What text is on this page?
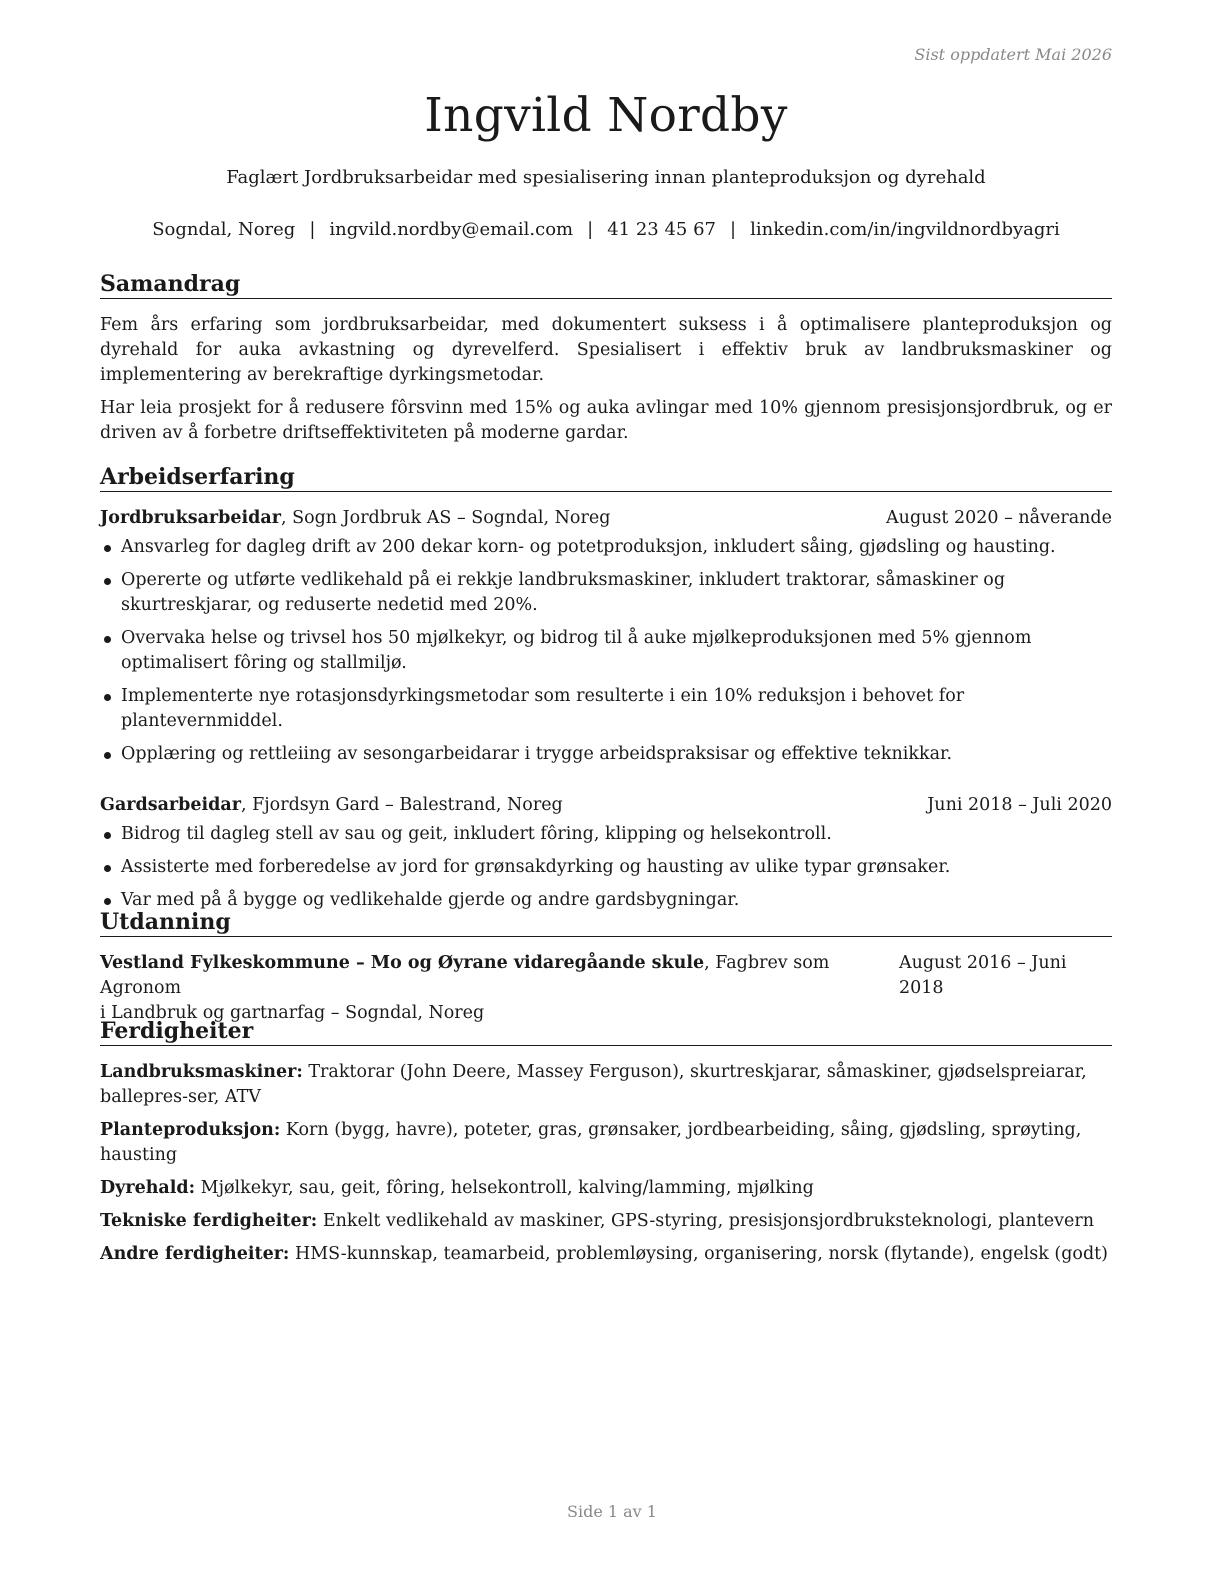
Sist oppdatert Mai 2026
Ingvild Nordby
Faglært Jordbruksarbeidar med spesialisering innan planteproduksjon og dyrehald
Sogndal, Noreg | ingvild.nordby@email.com | 41 23 45 67 | linkedin.com/in/ingvildnordbyagri
Samandrag

Fem års erfaring som jordbruksarbeidar, med dokumentert suksess i å optimalisere planteproduksjon og dyrehald for auka avkastning og dyrevelferd. Spesialisert i effektiv bruk av landbruksmaskiner og implementering av berekraftige dyrkingsmetodar.

Har leia prosjekt for å redusere fôrsvinn med 15% og auka avlingar med 10% gjennom presisjonsjordbruk, og er driven av å forbetre driftseffektiviteten på moderne gardar.

Arbeidserfaring
Jordbruksarbeidar, Sogn Jordbruk AS – Sogndal, Noreg	August 2020 – nåverande
Ansvarleg for dagleg drift av 200 dekar korn- og potetproduksjon, inkludert såing, gjødsling og hausting.
Opererte og utførte vedlikehald på ei rekkje landbruksmaskiner, inkludert traktorar, såmaskiner og skurtreskjarar, og reduserte nedetid med 20%.
Overvaka helse og trivsel hos 50 mjølkekyr, og bidrog til å auke mjølkeproduksjonen med 5% gjennom optimalisert fôring og stallmiljø.
Implementerte nye rotasjonsdyrkingsmetodar som resulterte i ein 10% reduksjon i behovet for plantevernmiddel.
Opplæring og rettleiing av sesongarbeidarar i trygge arbeidspraksisar og effektive teknikkar.
Gardsarbeidar, Fjordsyn Gard – Balestrand, Noreg	Juni 2018 – Juli 2020
Bidrog til dagleg stell av sau og geit, inkludert fôring, klipping og helsekontroll.
Assisterte med forberedelse av jord for grønsakdyrking og hausting av ulike typar grønsaker.
Var med på å bygge og vedlikehalde gjerde og andre gardsbygningar.
Utdanning
Vestland Fylkeskommune – Mo og Øyrane vidaregåande skule, Fagbrev som Agronom
August 2016 – Juni 2018
i Landbruk og gartnarfag – Sogndal, Noreg
Ferdigheiter

Landbruksmaskiner: Traktorar (John Deere, Massey Ferguson), skurtreskjarar, såmaskiner, gjødselspreiarar, ballepres-ser, ATV

Planteproduksjon: Korn (bygg, havre), poteter, gras, grønsaker, jordbearbeiding, såing, gjødsling, sprøyting, hausting

Dyrehald: Mjølkekyr, sau, geit, fôring, helsekontroll, kalving/lamming, mjølking

Tekniske ferdigheiter: Enkelt vedlikehald av maskiner, GPS-styring, presisjonsjordbruksteknologi, plantevern

Andre ferdigheiter: HMS-kunnskap, teamarbeid, problemløysing, organisering, norsk (flytande), engelsk (godt)

Side 1 av 1
